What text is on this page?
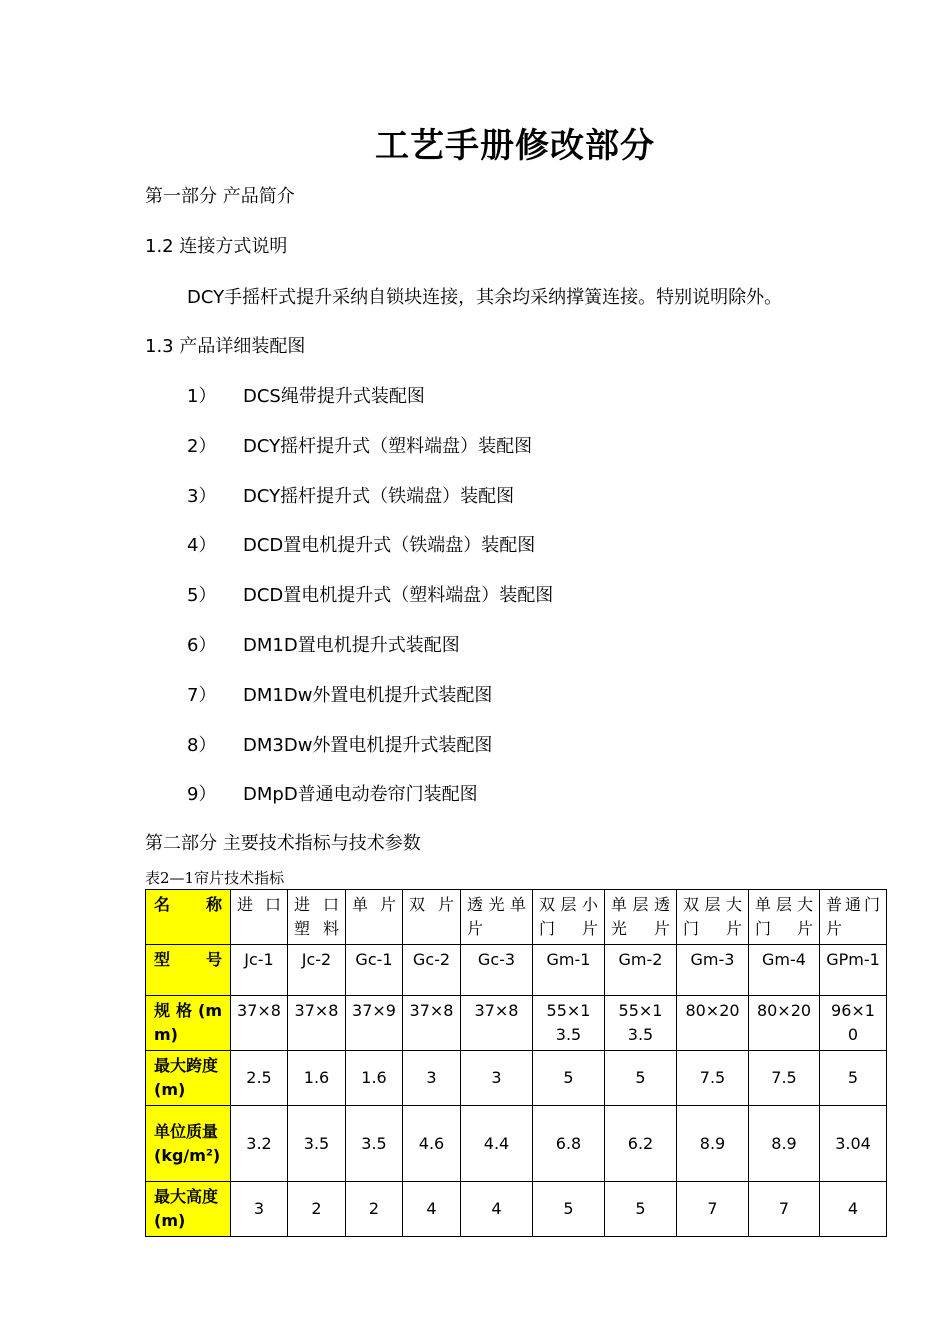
工艺手册修改部分
第一部分 产品简介
1.2 连接方式说明
DCY手摇杆式提升采纳自锁块连接，其余均采纳撑簧连接。特别说明除外。
1.3 产品详细装配图
1） DCS绳带提升式装配图
2） DCY摇杆提升式（塑料端盘）装配图
3） DCY摇杆提升式（铁端盘）装配图
4） DCD置电机提升式（铁端盘）装配图
5） DCD置电机提升式（塑料端盘）装配图
6） DM1D置电机提升式装配图
7） DM1Dw外置电机提升式装配图
8） DM3Dw外置电机提升式装配图
9） DMpD普通电动卷帘门装配图
第二部分 主要技术指标与技术参数
表2—1帘片技术指标
名称	进口	进口塑料	单片	双片	透光单片	双层小门片	单层透光片	双层大门片	单层大门片	普通门片
型号	Jc-1	Jc-2	Gc-1	Gc-2	Gc-3	Gm-1	Gm-2	Gm-3	Gm-4	GPm-1
规格(mm)	37×8	37×8	37×9	37×8	37×8	55×13.5	55×13.5	80×20	80×20	96×10
最大跨度(m)	2.5	1.6	1.6	3	3	5	5	7.5	7.5	5
单位质量(kg/m²)	3.2	3.5	3.5	4.6	4.4	6.8	6.2	8.9	8.9	3.04
最大高度(m)	3	2	2	4	4	5	5	7	7	4
